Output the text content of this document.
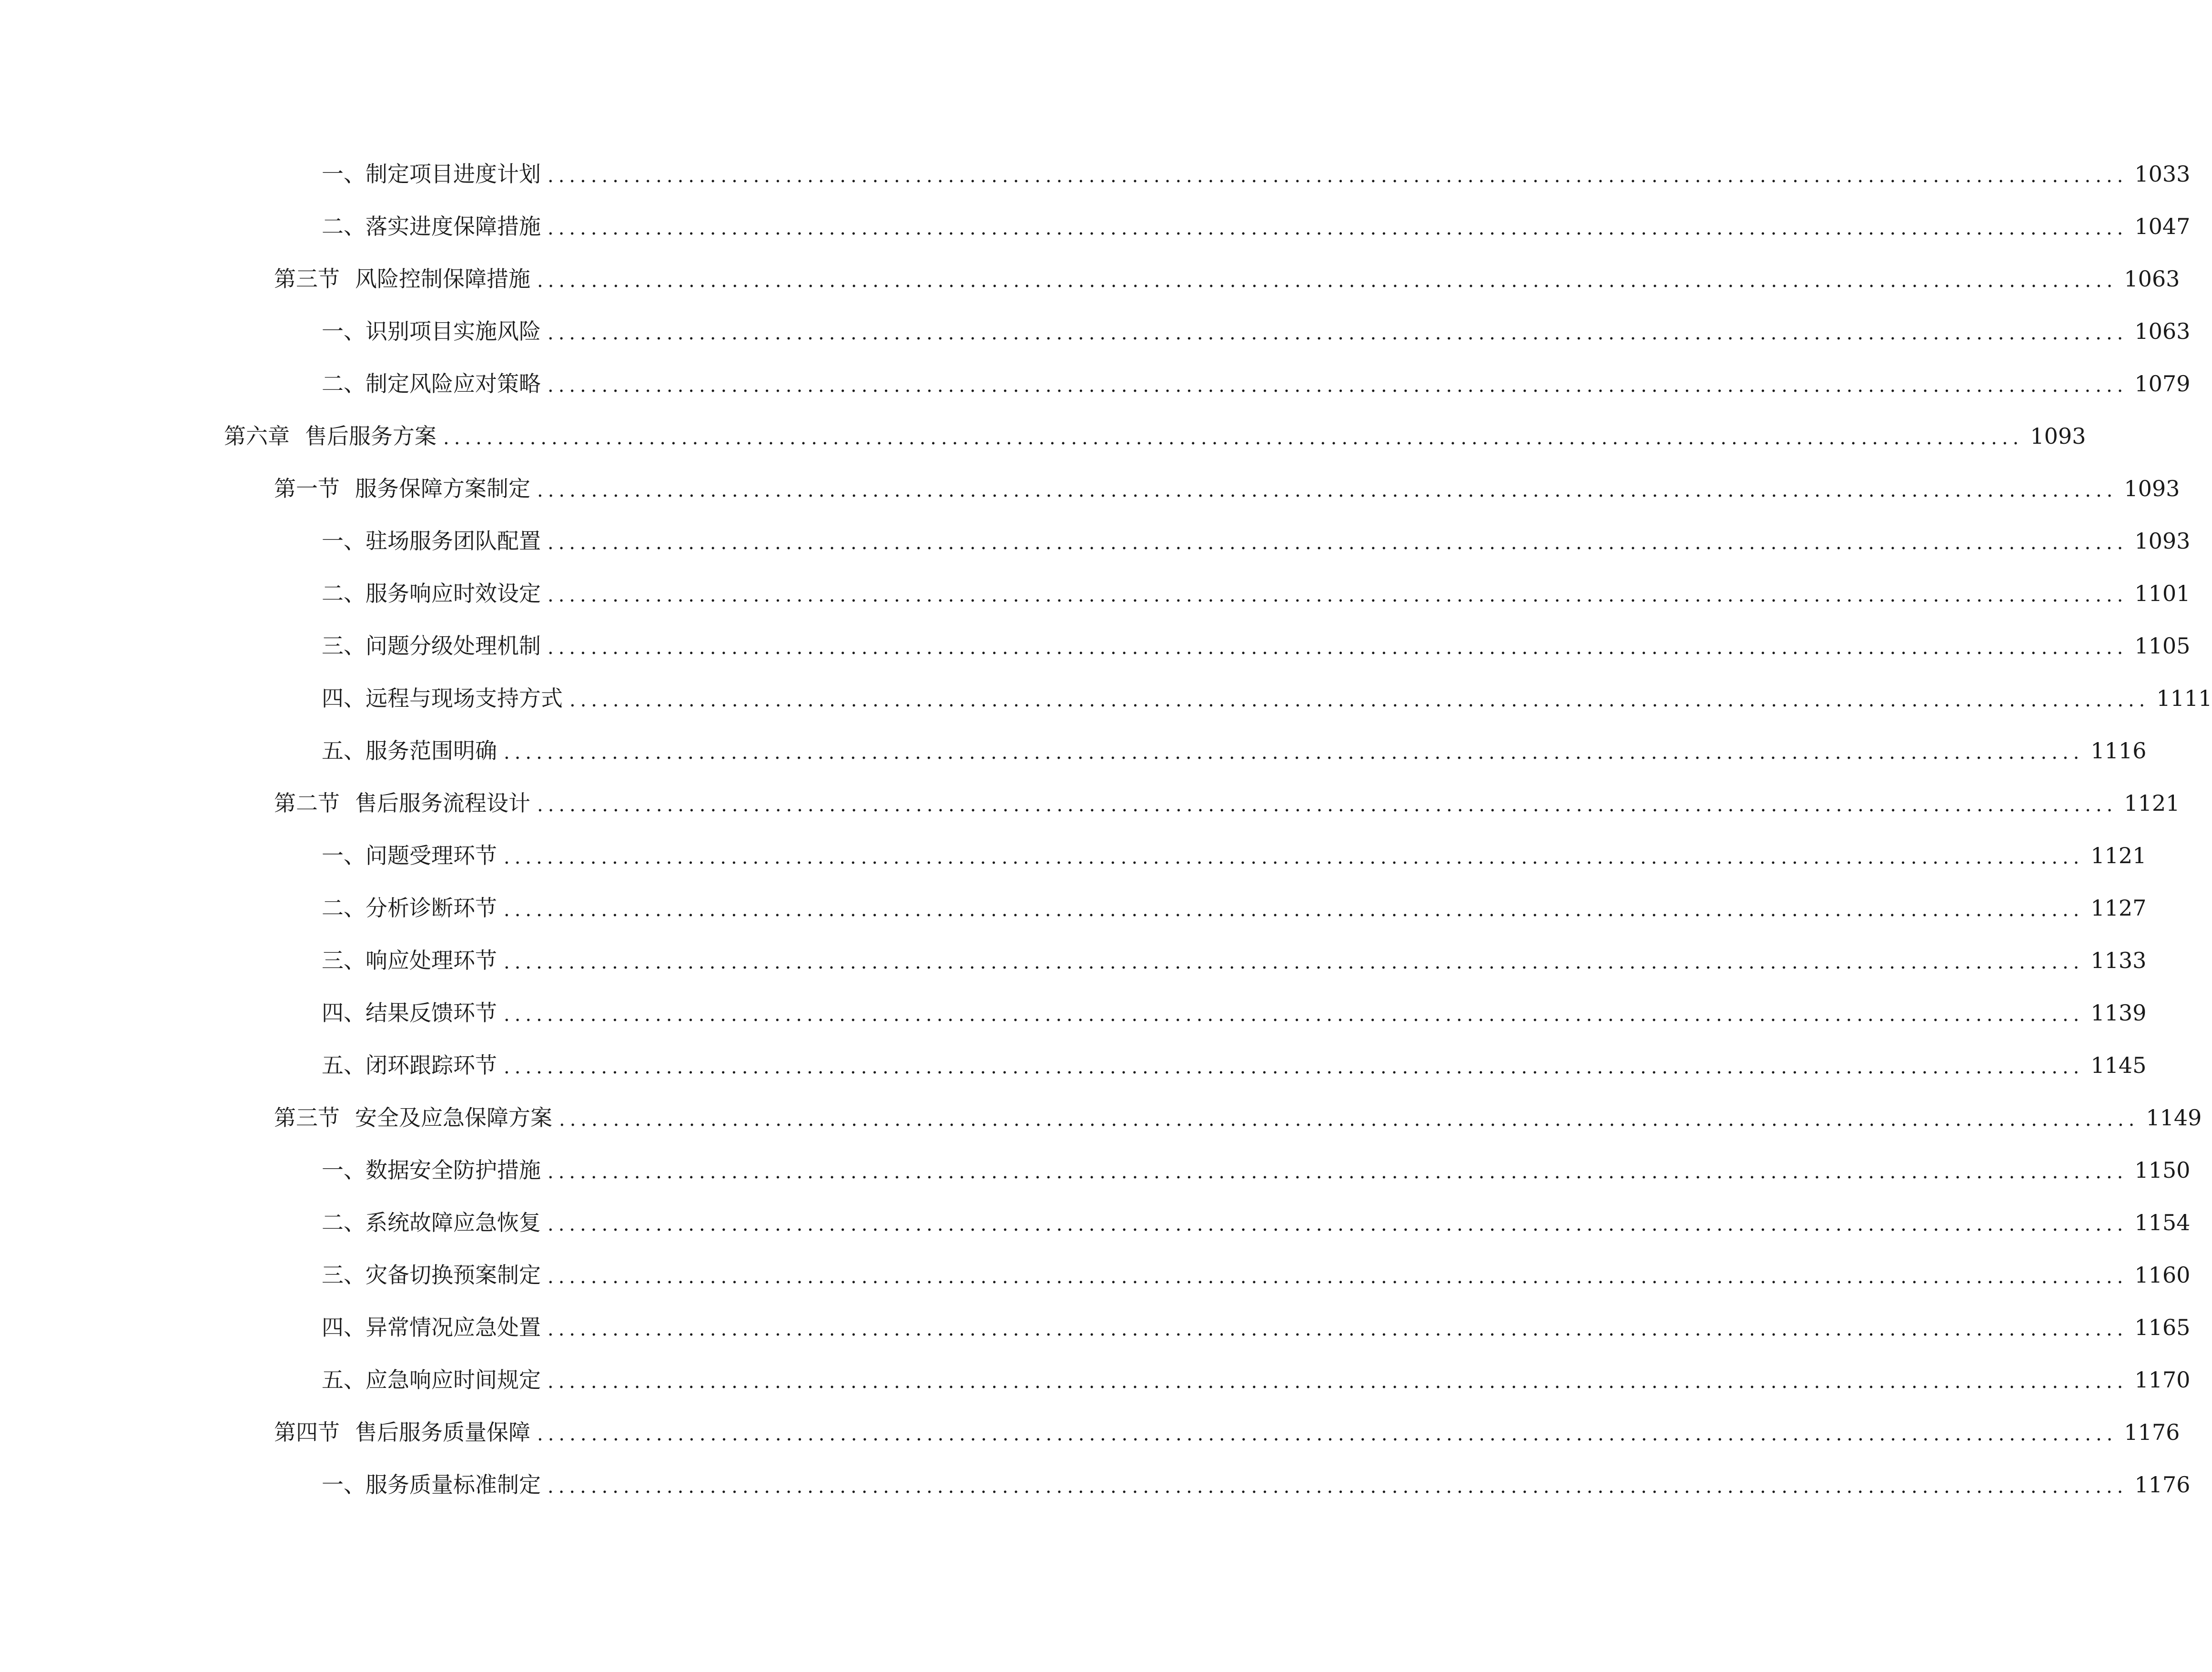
一、 制定项目进度计划 .................................................................................................................................................. 1033
二、 落实进度保障措施 .................................................................................................................................................. 1047
第三节 风险控制保障措施 .................................................................................................................................................. 1063
一、 识别项目实施风险 .................................................................................................................................................. 1063
二、 制定风险应对策略 .................................................................................................................................................. 1079
第六章 售后服务方案 .................................................................................................................................................. 1093
第一节 服务保障方案制定 .................................................................................................................................................. 1093
一、 驻场服务团队配置 .................................................................................................................................................. 1093
二、 服务响应时效设定 .................................................................................................................................................. 1101
三、 问题分级处理机制 .................................................................................................................................................. 1105
四、 远程与现场支持方式 .................................................................................................................................................. 1111
五、 服务范围明确 .................................................................................................................................................. 1116
第二节 售后服务流程设计 .................................................................................................................................................. 1121
一、 问题受理环节 .................................................................................................................................................. 1121
二、 分析诊断环节 .................................................................................................................................................. 1127
三、 响应处理环节 .................................................................................................................................................. 1133
四、 结果反馈环节 .................................................................................................................................................. 1139
五、 闭环跟踪环节 .................................................................................................................................................. 1145
第三节 安全及应急保障方案 .................................................................................................................................................. 1149
一、 数据安全防护措施 .................................................................................................................................................. 1150
二、 系统故障应急恢复 .................................................................................................................................................. 1154
三、 灾备切换预案制定 .................................................................................................................................................. 1160
四、 异常情况应急处置 .................................................................................................................................................. 1165
五、 应急响应时间规定 .................................................................................................................................................. 1170
第四节 售后服务质量保障 .................................................................................................................................................. 1176
一、 服务质量标准制定 .................................................................................................................................................. 1176
